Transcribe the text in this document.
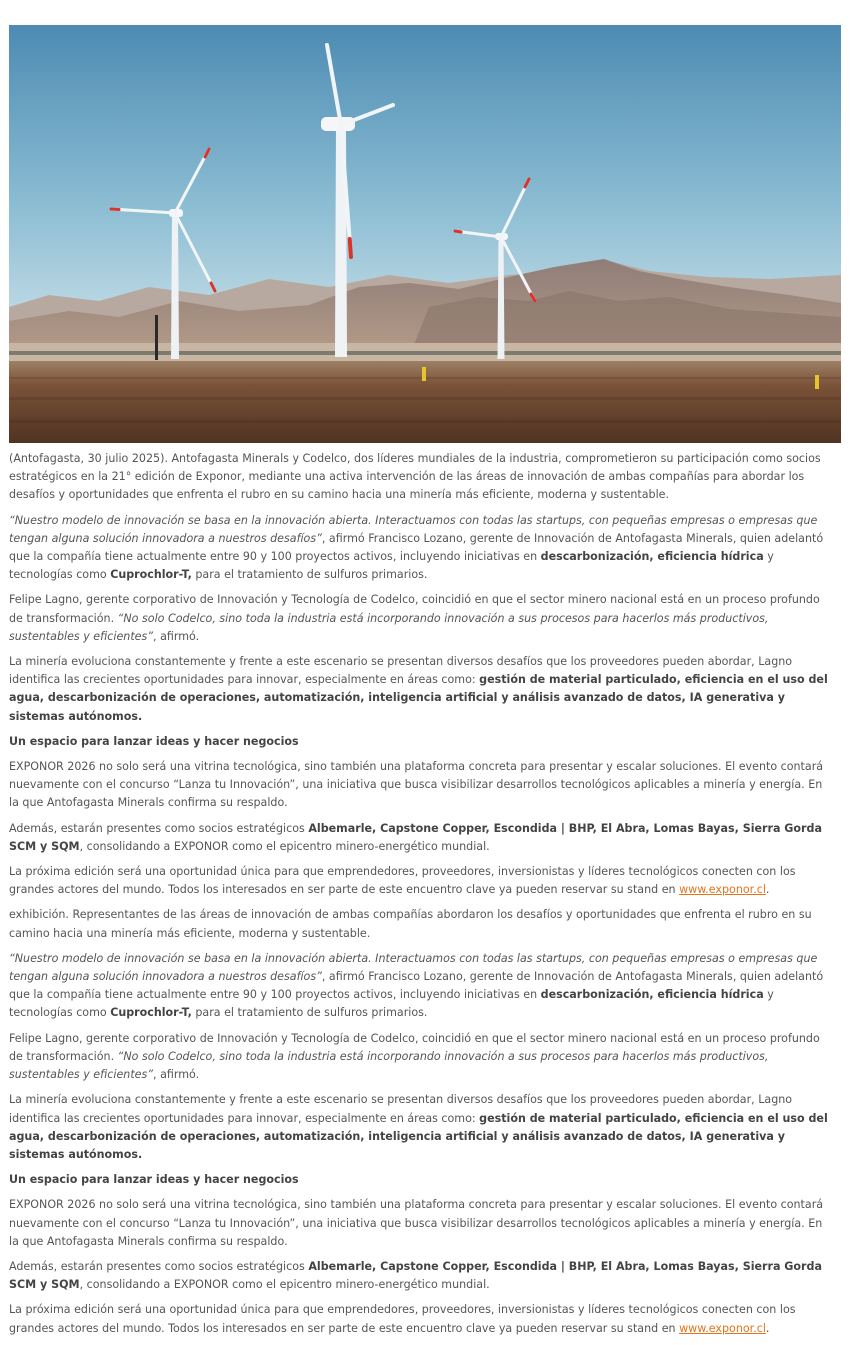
(Antofagasta, 30 julio 2025). Antofagasta Minerals y Codelco, dos líderes mundiales de la industria, comprometieron su participación como socios estratégicos en la 21° edición de Exponor, mediante una activa intervención de las áreas de innovación de ambas compañías para abordar los desafíos y oportunidades que enfrenta el rubro en su camino hacia una minería más eficiente, moderna y sustentable.

“Nuestro modelo de innovación se basa en la innovación abierta. Interactuamos con todas las startups, con pequeñas empresas o empresas que tengan alguna solución innovadora a nuestros desafíos”, afirmó Francisco Lozano, gerente de Innovación de Antofagasta Minerals, quien adelantó que la compañía tiene actualmente entre 90 y 100 proyectos activos, incluyendo iniciativas en descarbonización, eficiencia hídrica y tecnologías como Cuprochlor-T, para el tratamiento de sulfuros primarios.

Felipe Lagno, gerente corporativo de Innovación y Tecnología de Codelco, coincidió en que el sector minero nacional está en un proceso profundo de transformación. “No solo Codelco, sino toda la industria está incorporando innovación a sus procesos para hacerlos más productivos, sustentables y eficientes”, afirmó.

La minería evoluciona constantemente y frente a este escenario se presentan diversos desafíos que los proveedores pueden abordar, Lagno identifica las crecientes oportunidades para innovar, especialmente en áreas como: gestión de material particulado, eficiencia en el uso del agua, descarbonización de operaciones, automatización, inteligencia artificial y análisis avanzado de datos, IA generativa y sistemas autónomos.

Un espacio para lanzar ideas y hacer negocios

EXPONOR 2026 no solo será una vitrina tecnológica, sino también una plataforma concreta para presentar y escalar soluciones. El evento contará nuevamente con el concurso “Lanza tu Innovación”, una iniciativa que busca visibilizar desarrollos tecnológicos aplicables a minería y energía. En la que Antofagasta Minerals confirma su respaldo.

Además, estarán presentes como socios estratégicos Albemarle, Capstone Copper, Escondida | BHP, El Abra, Lomas Bayas, Sierra Gorda SCM y SQM, consolidando a EXPONOR como el epicentro minero-energético mundial.

La próxima edición será una oportunidad única para que emprendedores, proveedores, inversionistas y líderes tecnológicos conecten con los grandes actores del mundo. Todos los interesados en ser parte de este encuentro clave ya pueden reservar su stand en www.exponor.cl.

exhibición. Representantes de las áreas de innovación de ambas compañías abordaron los desafíos y oportunidades que enfrenta el rubro en su camino hacia una minería más eficiente, moderna y sustentable.

“Nuestro modelo de innovación se basa en la innovación abierta. Interactuamos con todas las startups, con pequeñas empresas o empresas que tengan alguna solución innovadora a nuestros desafíos”, afirmó Francisco Lozano, gerente de Innovación de Antofagasta Minerals, quien adelantó que la compañía tiene actualmente entre 90 y 100 proyectos activos, incluyendo iniciativas en descarbonización, eficiencia hídrica y tecnologías como Cuprochlor-T, para el tratamiento de sulfuros primarios.

Felipe Lagno, gerente corporativo de Innovación y Tecnología de Codelco, coincidió en que el sector minero nacional está en un proceso profundo de transformación. “No solo Codelco, sino toda la industria está incorporando innovación a sus procesos para hacerlos más productivos, sustentables y eficientes”, afirmó.

La minería evoluciona constantemente y frente a este escenario se presentan diversos desafíos que los proveedores pueden abordar, Lagno identifica las crecientes oportunidades para innovar, especialmente en áreas como: gestión de material particulado, eficiencia en el uso del agua, descarbonización de operaciones, automatización, inteligencia artificial y análisis avanzado de datos, IA generativa y sistemas autónomos.

Un espacio para lanzar ideas y hacer negocios

EXPONOR 2026 no solo será una vitrina tecnológica, sino también una plataforma concreta para presentar y escalar soluciones. El evento contará nuevamente con el concurso “Lanza tu Innovación”, una iniciativa que busca visibilizar desarrollos tecnológicos aplicables a minería y energía. En la que Antofagasta Minerals confirma su respaldo.

Además, estarán presentes como socios estratégicos Albemarle, Capstone Copper, Escondida | BHP, El Abra, Lomas Bayas, Sierra Gorda SCM y SQM, consolidando a EXPONOR como el epicentro minero-energético mundial.

La próxima edición será una oportunidad única para que emprendedores, proveedores, inversionistas y líderes tecnológicos conecten con los grandes actores del mundo. Todos los interesados en ser parte de este encuentro clave ya pueden reservar su stand en www.exponor.cl.
